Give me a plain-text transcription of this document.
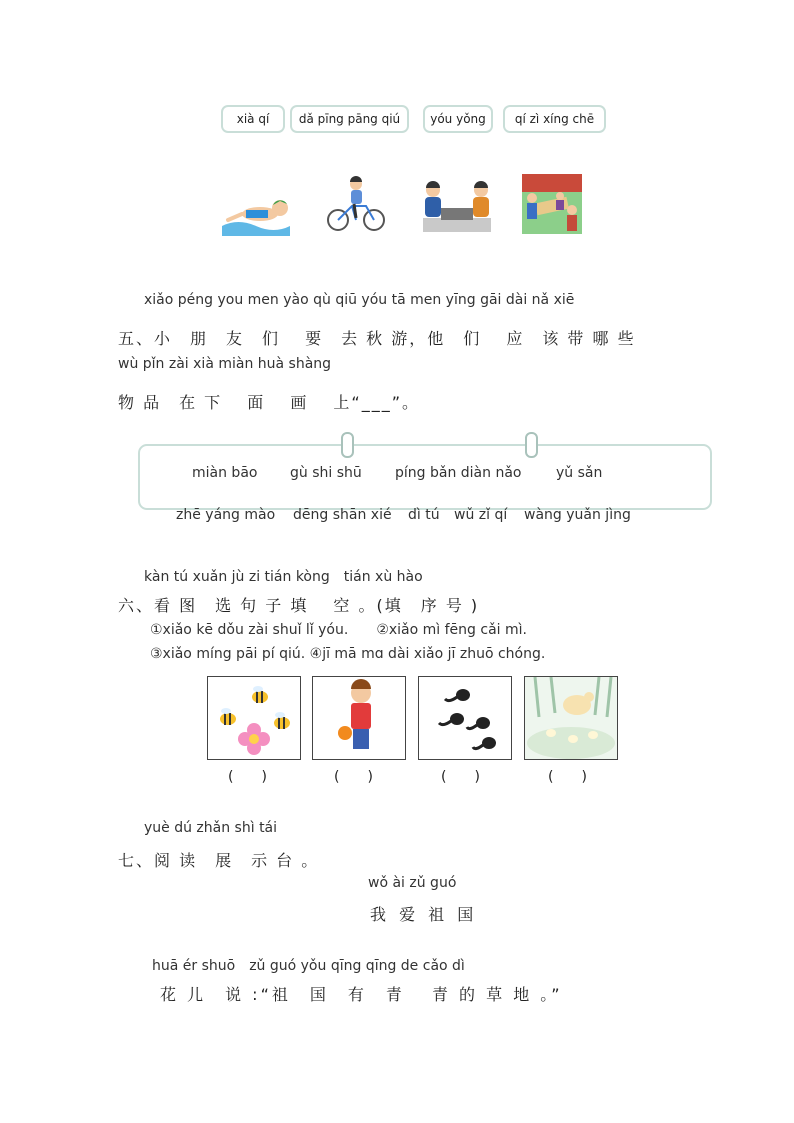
xià qí	dǎ pīng pāng qiú	yóu yǒng	qí zì xíng chē
xiǎo péng you men yào qù qiū yóu tā men yīng gāi dài nǎ xiē
五、小　朋　友　们　 要　去 秋 游，他　们　 应　该 带 哪 些
wù pǐn zài xià miàn huà shàng
物 品　在 下　 面　 画　 上“___”。
miàn bāo gù shi shū píng bǎn diàn nǎo yǔ sǎn
zhē yáng mào dēng shān xié dì tú wǔ zǐ qí wàng yuǎn jìng
kàn tú xuǎn jù zi tián kòng　tián xù hào
六、看 图　选 句 子 填　 空 。(填　序 号 )
①xiǎo kē dǒu zài shuǐ lǐ yóu.　　②xiǎo mì fēng cǎi mì.
③xiǎo míng pāi pí qiú. ④jī mā mɑ dài xiǎo jī zhuō chóng.
(　　)	(　　)	(　　)	(　　)
yuè dú zhǎn shì tái
七、阅 读　展　示 台 。
wǒ ài zǔ guó
我 爱 祖 国
huā ér shuō　zǔ guó yǒu qīng qīng de cǎo dì
花 儿　说 :“祖　国　有　青　 青 的 草 地 。”
